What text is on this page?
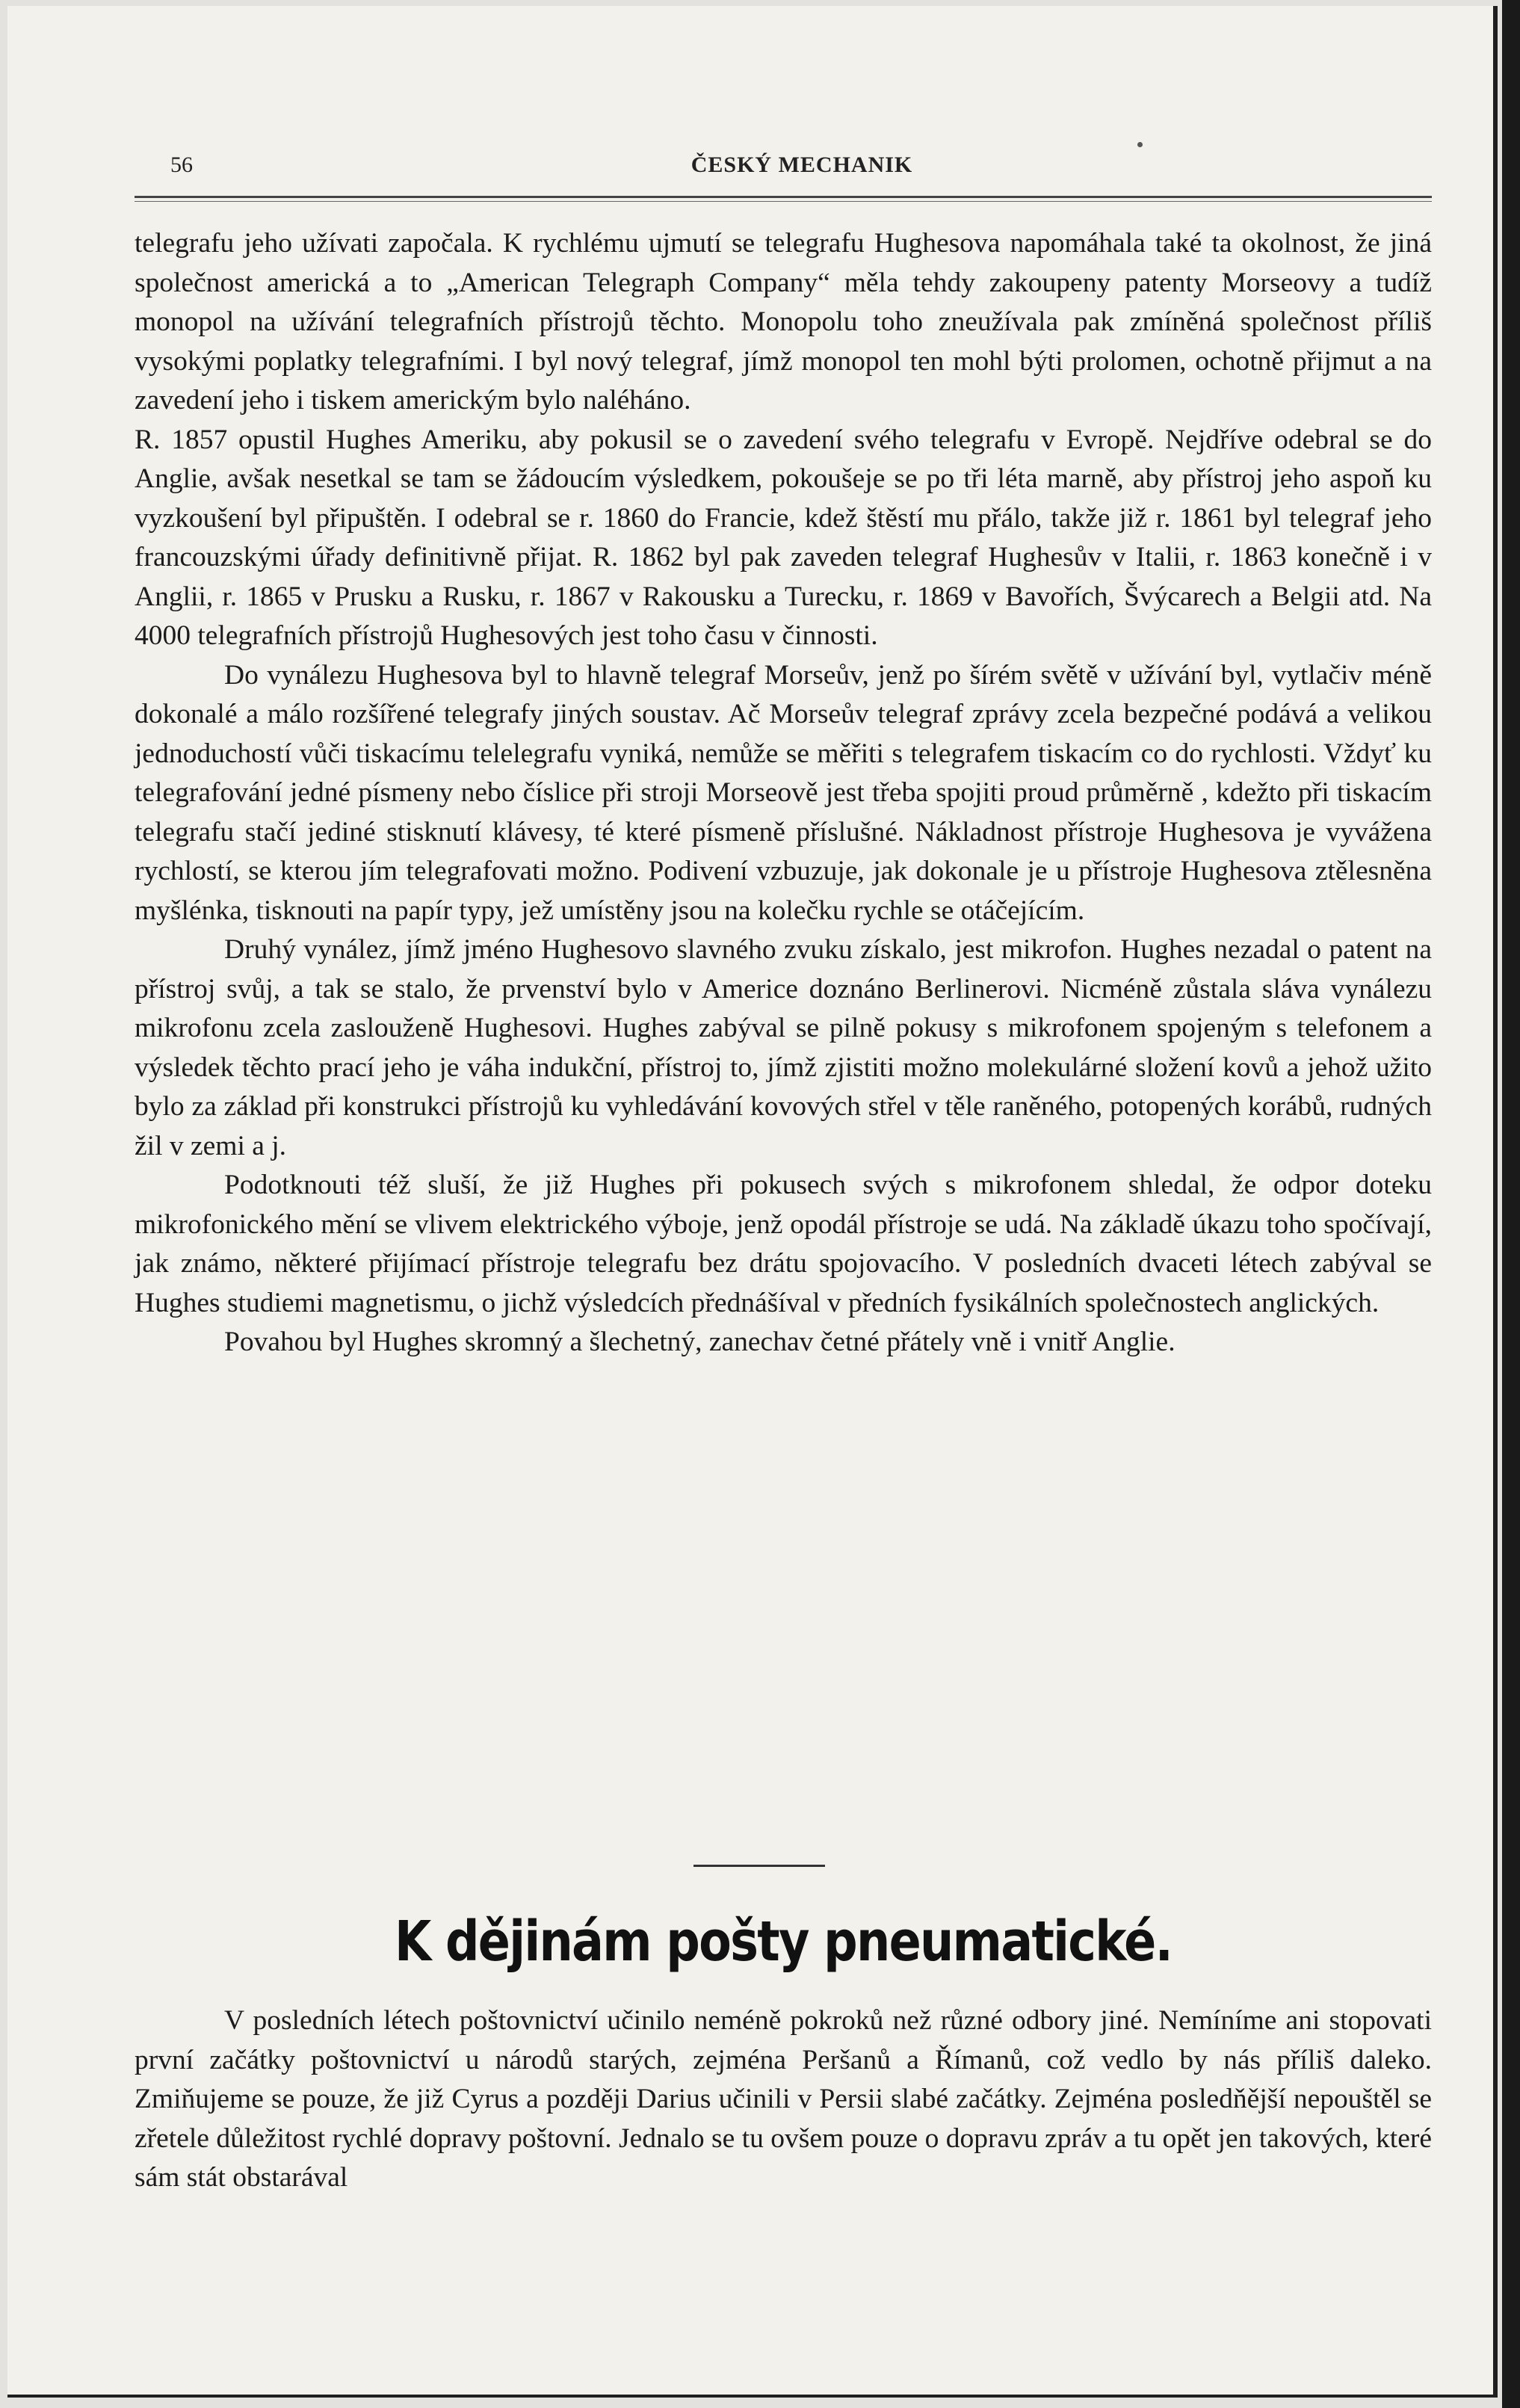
56	ČESKÝ MECHANIK

telegrafu jeho užívati započala. K rychlému ujmutí se telegrafu Hughesova napomáhala také ta okolnost, že jiná společnost americká a to „American Telegraph Company“ měla tehdy zakoupeny patenty Morseovy a tudíž monopol na užívání telegrafních přístrojů těchto. Monopolu toho zneužívala pak zmíněná společnost příliš vysokými poplatky telegrafními. I byl nový telegraf, jímž monopol ten mohl býti prolomen, ochotně přijmut a na zavedení jeho i tiskem americkým bylo naléháno.

R. 1857 opustil Hughes Ameriku, aby pokusil se o zavedení svého telegrafu v Evropě. Nejdříve odebral se do Anglie, avšak nesetkal se tam se žádoucím výsledkem, pokoušeje se po tři léta marně, aby přístroj jeho aspoň ku vyzkoušení byl připuštěn. I odebral se r. 1860 do Francie, kdež štěstí mu přálo, takže již r. 1861 byl telegraf jeho francouzskými úřady definitivně přijat. R. 1862 byl pak zaveden telegraf Hughesův v Italii, r. 1863 konečně i v Anglii, r. 1865 v Prusku a Rusku, r. 1867 v Rakousku a Turecku, r. 1869 v Bavořích, Švýcarech a Belgii atd. Na 4000 telegrafních přístrojů Hughesových jest toho času v činnosti.

Do vynálezu Hughesova byl to hlavně telegraf Morseův, jenž po šírém světě v užívání byl, vytlačiv méně dokonalé a málo rozšířené telegrafy jiných soustav. Ač Morseův telegraf zprávy zcela bezpečné podává a velikou jednoduchostí vůči tiskacímu telelegrafu vyniká, nemůže se měřiti s telegrafem tiskacím co do rychlosti. Vždyť ku telegrafování jedné písmeny nebo číslice při stroji Morseově jest třeba spojiti proud průměrně , kdežto při tiskacím telegrafu stačí jediné stisknutí klávesy, té které písmeně příslušné. Nákladnost přístroje Hughesova je vyvážena rychlostí, se kterou jím telegrafovati možno. Podivení vzbuzuje, jak dokonale je u přístroje Hughesova ztělesněna myšlénka, tisknouti na papír typy, jež umístěny jsou na kolečku rychle se otáčejícím.

Druhý vynález, jímž jméno Hughesovo slavného zvuku získalo, jest mikrofon. Hughes nezadal o patent na přístroj svůj, a tak se stalo, že prvenství bylo v Americe doznáno Berlinerovi. Nicméně zůstala sláva vynálezu mikrofonu zcela zaslouženě Hughesovi. Hughes zabýval se pilně pokusy s mikrofonem spojeným s telefonem a výsledek těchto prací jeho je váha indukční, přístroj to, jímž zjistiti možno molekulárné složení kovů a jehož užito bylo za základ při konstrukci přístrojů ku vyhledávání kovových střel v těle raněného, potopených korábů, rudných žil v zemi a j.

Podotknouti též sluší, že již Hughes při pokusech svých s mikrofonem shledal, že odpor doteku mikrofonického mění se vlivem elektrického výboje, jenž opodál přístroje se udá. Na základě úkazu toho spočívají, jak známo, některé přijímací přístroje telegrafu bez drátu spojovacího. V posledních dvaceti létech zabýval se Hughes studiemi magnetismu, o jichž výsledcích přednášíval v předních fysikálních společnostech anglických.

Povahou byl Hughes skromný a šlechetný, zanechav četné přátely vně i vnitř Anglie.

K dějinám pošty pneumatické.

V posledních létech poštovnictví učinilo neméně pokroků než různé odbory jiné. Nemíníme ani stopovati první začátky poštovnictví u národů starých, zejména Peršanů a Římanů, což vedlo by nás příliš daleko. Zmiňujeme se pouze, že již Cyrus a později Darius učinili v Persii slabé začátky. Zejména posledňější nepouštěl se zřetele důležitost rychlé dopravy poštovní. Jednalo se tu ovšem pouze o dopravu zpráv a tu opět jen takových, které sám stát obstarával
